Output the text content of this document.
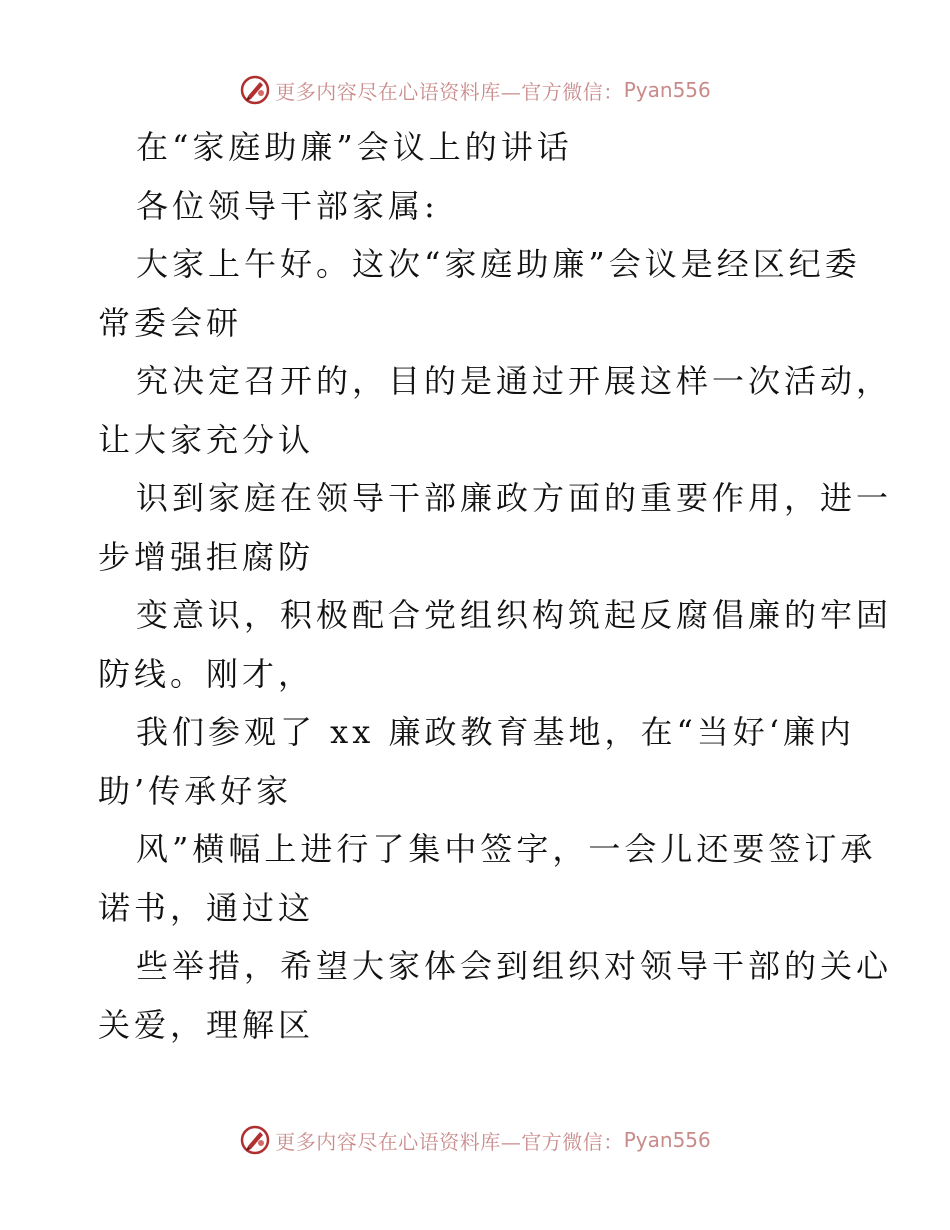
更多内容尽在心语资料库—官方微信： Pyan556
在“家庭助廉”会议上的讲话
各位领导干部家属:
大家上午好。这次“家庭助廉”会议是经区纪委
常委会研
究决定召开的，目的是通过开展这样一次活动，
让大家充分认
识到家庭在领导干部廉政方面的重要作用，进一
步增强拒腐防
变意识，积极配合党组织构筑起反腐倡廉的牢固
防线。刚才，
我们参观了 xx 廉政教育基地，在“当好‘廉内
助’传承好家
风”横幅上进行了集中签字，一会儿还要签订承
诺书，通过这
些举措，希望大家体会到组织对领导干部的关心
关爱，理解区
更多内容尽在心语资料库—官方微信： Pyan556
